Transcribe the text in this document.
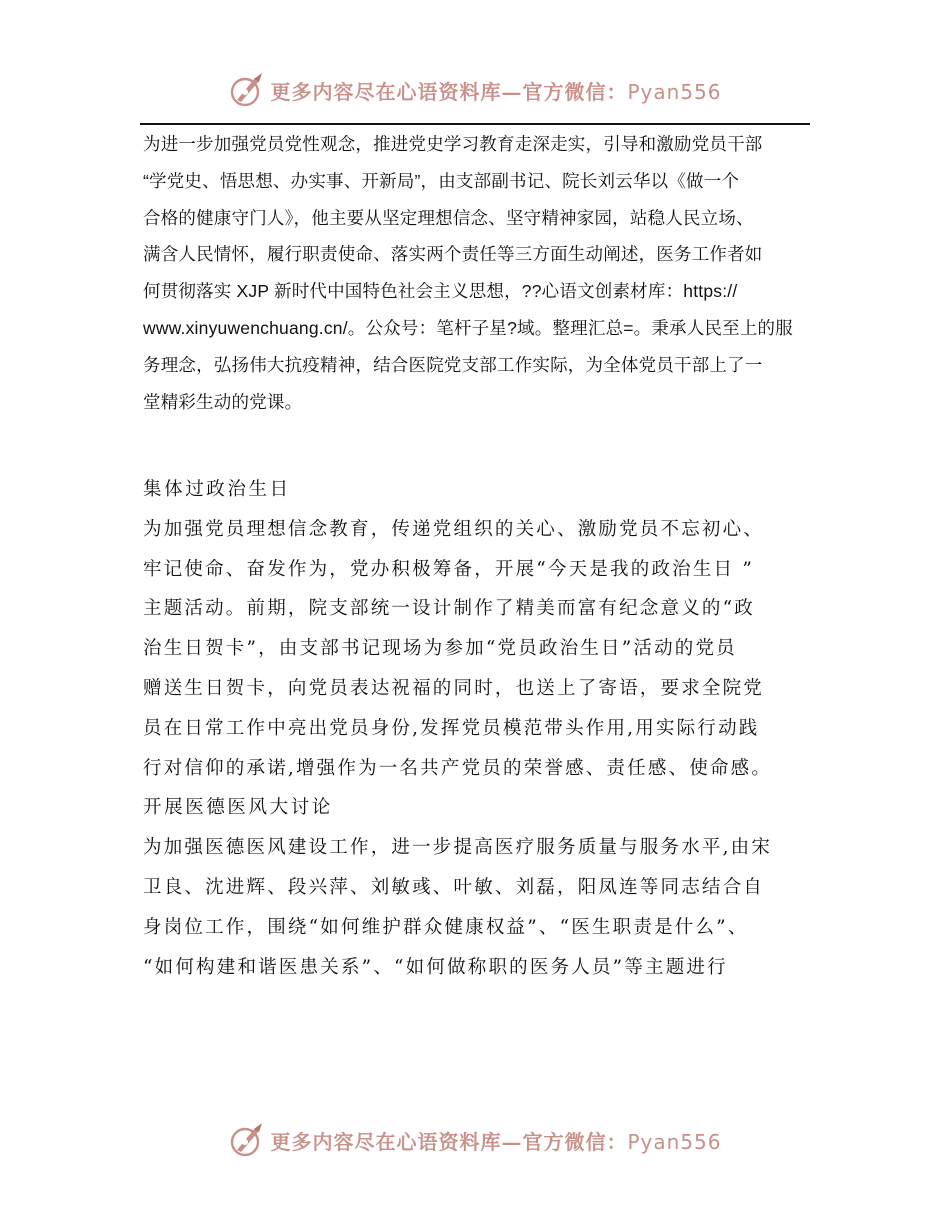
更多内容尽在心语资料库—官方微信：Pyan556
为进一步加强党员党性观念，推进党史学习教育走深走实，引导和激励党员干部
“学党史、悟思想、办实事、开新局”，由支部副书记、院长刘云华以《做一个
合格的健康守门人》，他主要从坚定理想信念、坚守精神家园，站稳人民立场、
满含人民情怀，履行职责使命、落实两个责任等三方面生动阐述，医务工作者如
何贯彻落实 XJP 新时代中国特色社会主义思想，??心语文创素材库：https://
www.xinyuwenchuang.cn/。公众号：笔杆子星?域。整理汇总=。秉承人民至上的服
务理念，弘扬伟大抗疫精神，结合医院党支部工作实际，为全体党员干部上了一
堂精彩生动的党课。
集体过政治生日
为加强党员理想信念教育，传递党组织的关心、激励党员不忘初心、
牢记使命、奋发作为，党办积极筹备，开展“今天是我的政治生日 ”
主题活动。前期，院支部统一设计制作了精美而富有纪念意义的“政
治生日贺卡”，由支部书记现场为参加“党员政治生日”活动的党员
赠送生日贺卡，向党员表达祝福的同时，也送上了寄语，要求全院党
员在日常工作中亮出党员身份,发挥党员模范带头作用,用实际行动践
行对信仰的承诺,增强作为一名共产党员的荣誉感、责任感、使命感。
开展医德医风大讨论
为加强医德医风建设工作，进一步提高医疗服务质量与服务水平,由宋
卫良、沈进辉、段兴萍、刘敏彧、叶敏、刘磊，阳凤连等同志结合自
身岗位工作，围绕“如何维护群众健康权益”、“医生职责是什么”、
“如何构建和谐医患关系”、“如何做称职的医务人员”等主题进行
更多内容尽在心语资料库—官方微信：Pyan556
